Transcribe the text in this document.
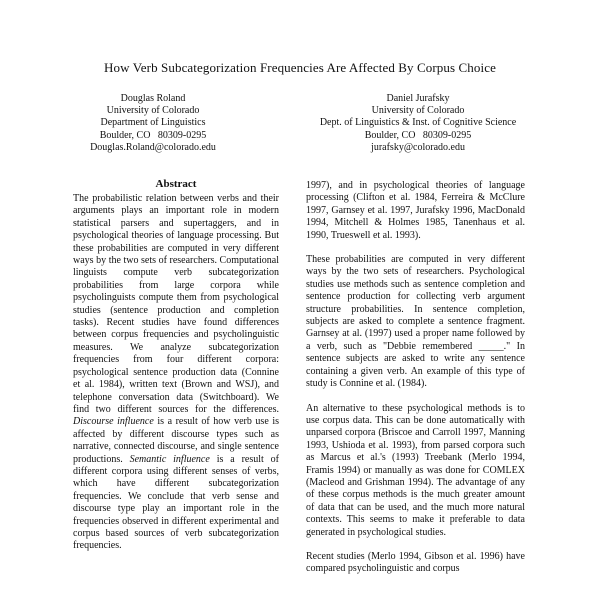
How Verb Subcategorization Frequencies Are Affected By Corpus Choice
Douglas Roland
University of Colorado
Department of Linguistics
Boulder, CO   80309-0295
Douglas.Roland@colorado.edu
Daniel Jurafsky
University of Colorado
Dept. of Linguistics & Inst. of Cognitive Science
Boulder, CO   80309-0295
jurafsky@colorado.edu
Abstract

The probabilistic relation between verbs and their arguments plays an important role in modern statistical parsers and supertaggers, and in psychological theories of language processing. But these probabilities are computed in very different ways by the two sets of researchers. Computational linguists compute verb subcategorization probabilities from large corpora while psycholinguists compute them from psychological studies (sentence production and completion tasks). Recent studies have found differences between corpus frequencies and psycholinguistic measures. We analyze subcategorization frequencies from four different corpora: psychological sentence production data (Connine et al. 1984), written text (Brown and WSJ), and telephone conversation data (Switchboard). We find two different sources for the differences. Discourse influence is a result of how verb use is affected by different discourse types such as narrative, connected discourse, and single sentence productions. Semantic influence is a result of different corpora using different senses of verbs, which have different subcategorization frequencies. We conclude that verb sense and discourse type play an important role in the frequencies observed in different experimental and corpus based sources of verb subcategorization frequencies.

1997), and in psychological theories of language processing (Clifton et al. 1984, Ferreira & McClure 1997, Garnsey et al. 1997, Jurafsky 1996, MacDonald 1994, Mitchell & Holmes 1985, Tanenhaus et al. 1990, Trueswell et al. 1993).

These probabilities are computed in very different ways by the two sets of researchers. Psychological studies use methods such as sentence completion and sentence production for collecting verb argument structure probabilities. In sentence completion, subjects are asked to complete a sentence fragment. Garnsey at al. (1997) used a proper name followed by a verb, such as "Debbie remembered _____." In sentence subjects are asked to write any sentence containing a given verb. An example of this type of study is Connine et al. (1984).

An alternative to these psychological methods is to use corpus data. This can be done automatically with unparsed corpora (Briscoe and Carroll 1997, Manning 1993, Ushioda et al. 1993), from parsed corpora such as Marcus et al.'s (1993) Treebank (Merlo 1994, Framis 1994) or manually as was done for COMLEX (Macleod and Grishman 1994). The advantage of any of these corpus methods is the much greater amount of data that can be used, and the much more natural contexts. This seems to make it preferable to data generated in psychological studies.

Recent studies (Merlo 1994, Gibson et al. 1996) have compared psycholinguistic and corpus
